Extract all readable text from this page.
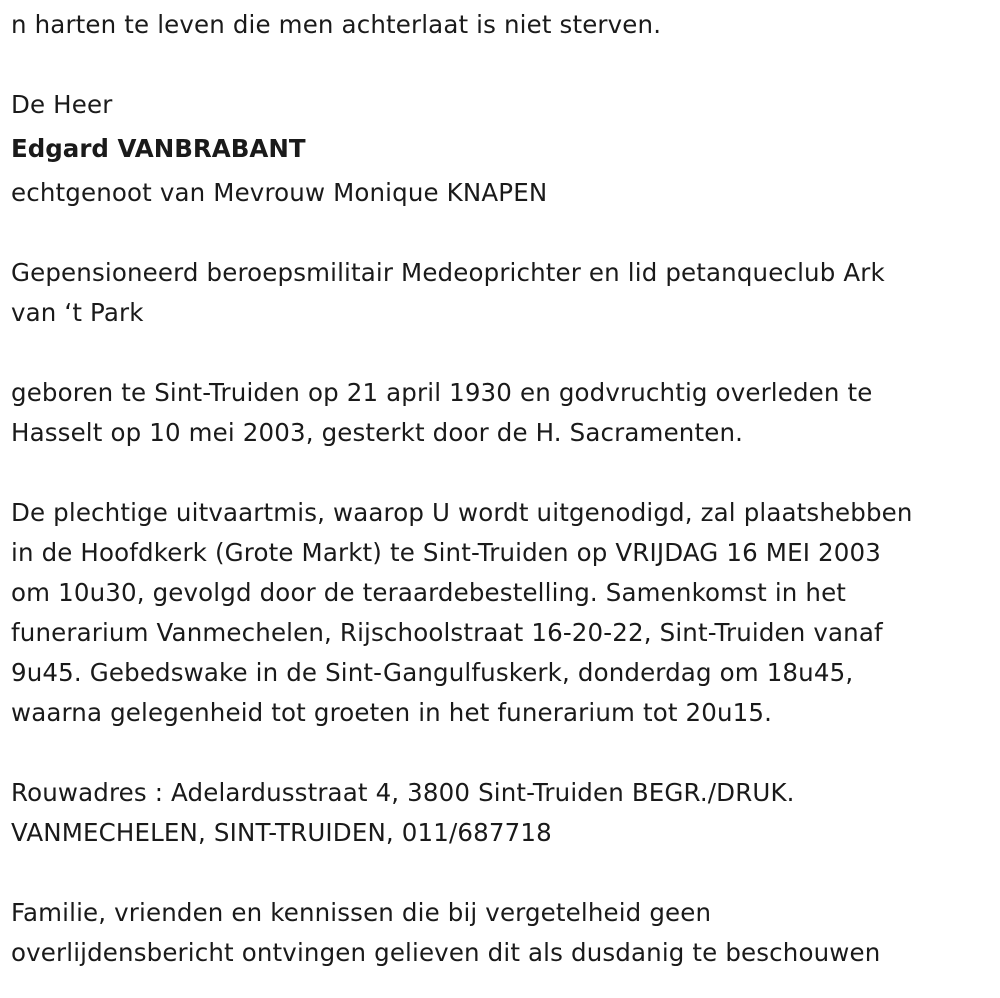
n harten te leven die men achterlaat is niet sterven.
De Heer
Edgard VANBRABANT
echtgenoot van Mevrouw Monique KNAPEN
Gepensioneerd beroepsmilitair Medeoprichter en lid petanqueclub Ark
van ‘t Park
geboren te Sint-Truiden op 21 april 1930 en godvruchtig overleden te
Hasselt op 10 mei 2003, gesterkt door de H. Sacramenten.
De plechtige uitvaartmis, waarop U wordt uitgenodigd, zal plaatshebben
in de Hoofdkerk (Grote Markt) te Sint-Truiden op VRIJDAG 16 MEI 2003
om 10u30, gevolgd door de teraardebestelling. Samenkomst in het
funerarium Vanmechelen, Rijschoolstraat 16-20-22, Sint-Truiden vanaf
9u45. Gebedswake in de Sint-Gangulfuskerk, donderdag om 18u45,
waarna gelegenheid tot groeten in het funerarium tot 20u15.
Rouwadres : Adelardusstraat 4, 3800 Sint-Truiden BEGR./DRUK.
VANMECHELEN, SINT-TRUIDEN, 011/687718
Familie, vrienden en kennissen die bij vergetelheid geen
overlijdensbericht ontvingen gelieven dit als dusdanig te beschouwen
